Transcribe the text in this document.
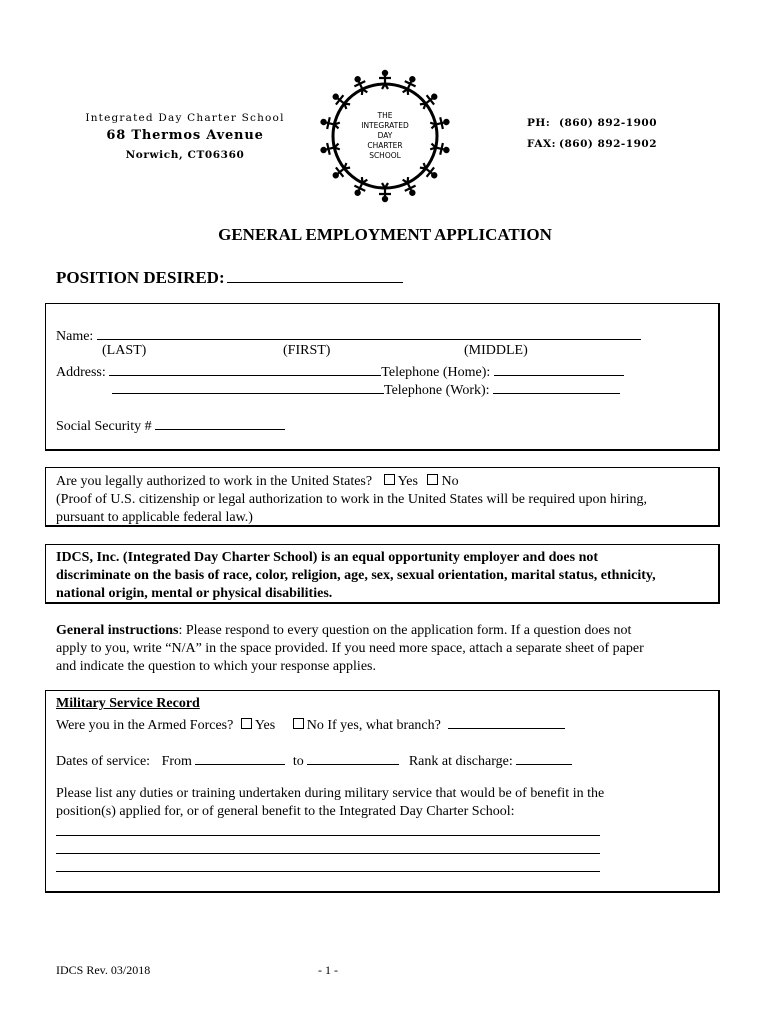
Integrated Day Charter School
68 Thermos Avenue
Norwich, CT06360
THE
INTEGRATED
DAY
CHARTER
SCHOOL
PH: (860) 892-1900
FAX: (860) 892-1902
GENERAL EMPLOYMENT APPLICATION
POSITION DESIRED:
Name:
(LAST)	(FIRST)	(MIDDLE)
Address:	Telephone (Home):
Telephone (Work):
Social Security #
Are you legally authorized to work in the United States? Yes No
(Proof of U.S. citizenship or legal authorization to work in the United States will be required upon hiring,
pursuant to applicable federal law.)
IDCS, Inc. (Integrated Day Charter School) is an equal opportunity employer and does not
discriminate on the basis of race, color, religion, age, sex, sexual orientation, marital status, ethnicity,
national origin, mental or physical disabilities.
General instructions: Please respond to every question on the application form. If a question does not
apply to you, write “N/A” in the space provided. If you need more space, attach a separate sheet of paper
and indicate the question to which your response applies.
Military Service Record
Were you in the Armed Forces? Yes No If yes, what branch?
Dates of service: From	to	Rank at discharge:
Please list any duties or training undertaken during military service that would be of benefit in the
position(s) applied for, or of general benefit to the Integrated Day Charter School:
IDCS Rev. 03/2018	- 1 -
